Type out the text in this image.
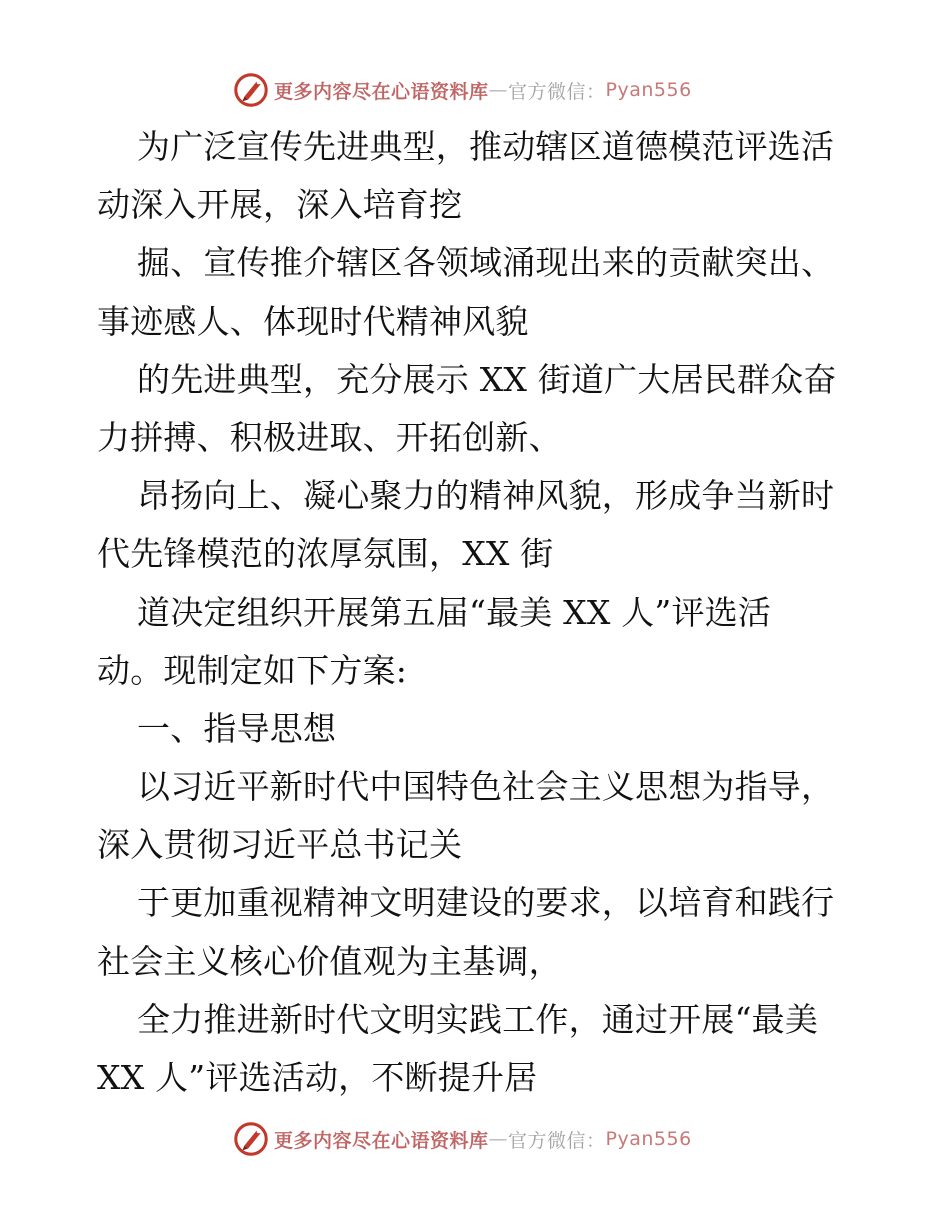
更多内容尽在心语资料库 — 官方微信： Pyan556
为广泛宣传先进典型，推动辖区道德模范评选活
动深入开展，深入培育挖
掘、宣传推介辖区各领域涌现出来的贡献突出、
事迹感人、体现时代精神风貌
的先进典型，充分展示 XX 街道广大居民群众奋
力拼搏、积极进取、开拓创新、
昂扬向上、凝心聚力的精神风貌，形成争当新时
代先锋模范的浓厚氛围，XX 街
道决定组织开展第五届“最美 XX 人”评选活
动。现制定如下方案:
一、指导思想
以习近平新时代中国特色社会主义思想为指导，
深入贯彻习近平总书记关
于更加重视精神文明建设的要求，以培育和践行
社会主义核心价值观为主基调，
全力推进新时代文明实践工作，通过开展“最美
XX 人”评选活动，不断提升居
更多内容尽在心语资料库 — 官方微信： Pyan556
